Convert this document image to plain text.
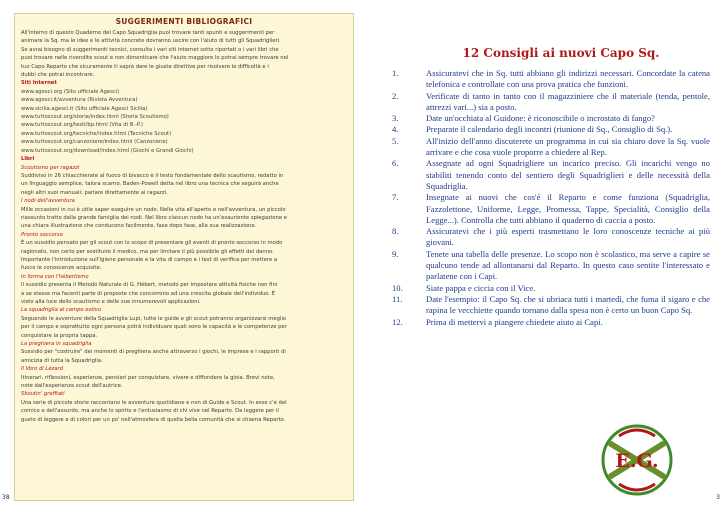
SUGGERIMENTI BIBLIOGRAFICI

All'interno di questo Quaderno del Capo Squadriglia puoi trovare tanti spunti e suggerimenti per

animare la Sq. ma le idee e le attività concrete dovranno uscire con l'aiuto di tutti gli Squadriglieri.

Se avrai bisogno di suggerimenti tecnici, consulta i vari siti internet sotto riportati o i vari libri che

puoi trovare nelle rivendite scout e non dimenticare che l'aiuto maggiore lo potrai sempre trovare nel

tuo Capo Reparto che sicuramente ti saprà dare le giuste direttive per risolvere le difficoltà e i

dubbi che potrai incontrare.

Siti Internet

www.agesci.org (Sito ufficiale Agesci)

www.agesci.it/avventura (Rivista Avventura)

www.sicilia.agesci.it (Sito ufficiale Agesci Sicilia)

www.tuttoscout.org/storia/index.html (Storia Scoutismo)

www.tuttoscout.org/testi/bp.html (Vita di B.-P.)

www.tuttoscout.org/tecniche/index.html (Tecniche Scout)

www.tuttoscout.org/canzoniere/index.html (Canzoniere)

www.tuttoscout.org/download/index.html (Giochi e Grandi Giochi)

Libri

Scoutismo per ragazzi

Suddiviso in 26 chiacchierate al fuoco di bivacco è il testo fondamentale dello scautismo, redatto in

un linguaggio semplice, talora scarno. Baden-Powell detta nel libro una tecnica che seguirà anche

negli altri suoi manuali: parlare direttamente ai ragazzi.

I nodi dell'avventura

Mille occasioni in cui è utile saper eseguire un nodo. Nella vita all'aperto e nell'avventura, un piccolo

riassunto tratto dalla grande famiglia dei nodi. Nel libro ciascun nodo ha un'esauriente spiegazione e

una chiara illustrazione che conducono facilmente, fase dopo fase, alla sua realizzazione.

Pronto soccorso

È un sussidio pensato per gli scout con lo scopo di presentare gli eventi di pronto soccorso in modo

ragionato, non certo per sostituire il medico, ma per limitare il più possibile gli effetti del danno.

Importante l'introduzione sull'igiene personale e la vita di campo e i test di verifica per mettere a

fuoco le conoscenze acquisite.

In forma con l'hébertismo

Il sussidio presenta il Metodo Naturale di G. Hébert, metodo per impostare attività fisiche non fini

a se stesse ma facenti parte di proposte che concorrono ad una crescita globale dell'individuo. È

visto alla luce dello scautismo e delle sue innumerevoli applicazioni.

La squadriglia al campo estivo

Seguendo le avventure della Squadriglia Lupi, tutte le guide e gli scout potranno organizzarsi meglio

per il campo e soprattutto ogni persona potrà individuare quali sono le capacità e le competenze per

conquistare la propria tappa.

La preghiera in squadriglia

Sussidio per "costruire" dei momenti di preghiera anche attraverso i giochi, le imprese e i rapporti di

amicizia di tutta la Squadriglia.

Il libro di Lézard

Itinerari, riflessioni, esperienze, pensieri per conquistare, vivere e diffondere la gioia. Brevi note,

note dall'esperienza scout dell'autrice.

Skoutin' graffiati

Una serie di piccole storie raccontano le avventure quotidiane e non di Guide e Scout. In esse c'è del

comico e dell'assurdo, ma anche lo spirito e l'entusiasmo di chi vive nel Reparto. Da leggere per il

gusto di leggere e di colori per un po' nell'atmosfera di quella bella comunità che si chiama Reparto.

12 Consigli ai nuovi Capo Sq.
1.	Assicuratevi che in Sq. tutti abbiano gli indirizzi necessari. Concordate la catena telefonica e controllate con una prova pratica che funzioni.
2.	Verificate di tanto in tanto con il magazziniere che il materiale (tenda, pentole, attrezzi vari...) sia a posto.
3.	Date un'occhiata al Guidone: è riconoscibile o incrostato di fango?
4.	Preparate il calendario degli incontri (riunione di Sq., Consiglio di Sq.).
5.	All'inizio dell'anno discuterete un programma in cui sia chiaro dove la Sq. vuole arrivare e che cosa vuole proporre a chiedere al Rep.
6.	Assegnate ad ogni Squadrigliere un incarico preciso. Gli incarichi vengo no stabiliti tenendo conto del sentiero degli Squadriglieri e delle necessità della Squadriglia.
7.	Insegnate ai nuovi che cos'é il Reparto e come funziona (Squadriglia, Fazzolettone, Uniforme, Legge, Promessa, Tappe, Specialità, Consiglio della Legge...). Controlla che tutti abbiano il quaderno di caccia a posto.
8.	Assicuratevi che i più esperti trasmettano le loro conoscenze tecniche ai più giovani.
9.	Tenete una tabella delle presenze. Lo scopo non è scolastico, ma serve a capire se qualcuno tende ad allontanarsi dal Reparto. In questo caso sentite l'interessato e parlatene con i Capi.
10.	Siate pappa e ciccia con il Vice.
11.	Date l'esempio: il Capo Sq. che si ubriaca tutti i martedì, che fuma il sigaro e che rapina le vecchiette quando tornano dalla spesa non è certo un buon Capo Sq.
12.	Prima di mettervi a piangere chiedete aiuto ai Capi.
E.G.
38	3
